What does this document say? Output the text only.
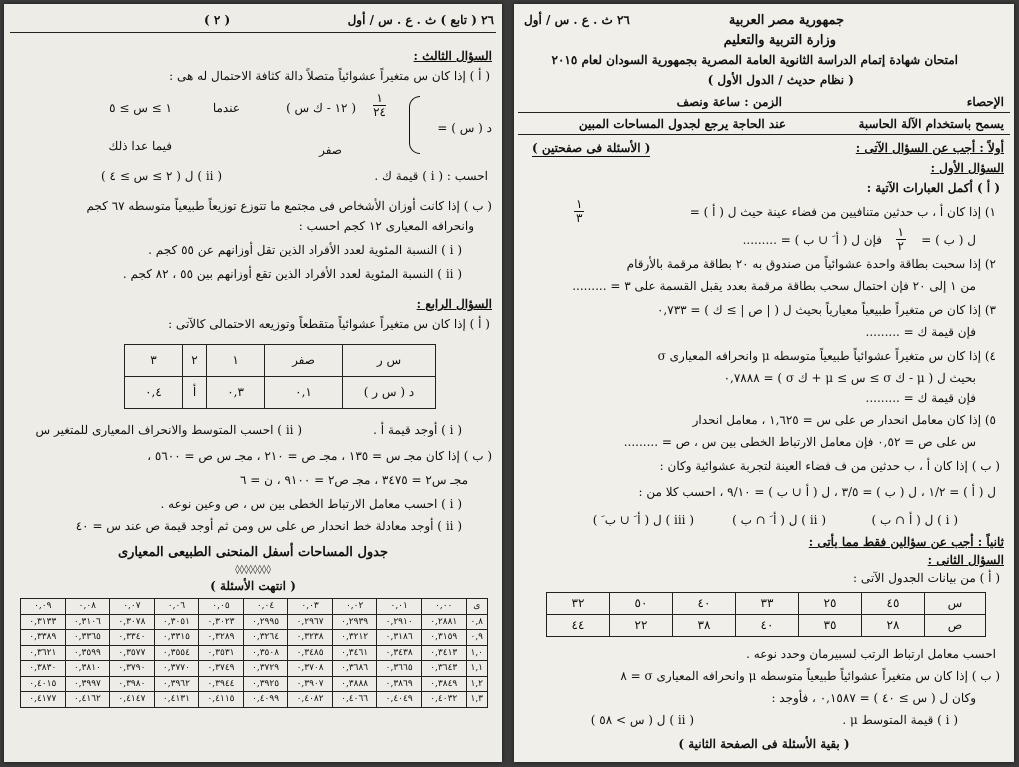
٢٦ ( تابع ) ث . ع . س / أول
( ٢ )
السؤال الثالث :
( أ ) إذا كان س متغيراً عشوائياً متصلاً دالة كثافة الاحتمال له هى :
د ( س ) =
$\frac{١}{٢٤}$
( ١٢ - ك س )
عندما
١ ≥ س ≥ ٥
صفر
فيما عدا ذلك
احسب : ( i ) قيمة ك .
( ii ) ل ( ٢ ≥ س ≥ ٤ )
( ب ) إذا كانت أوزان الأشخاص فى مجتمع ما تتوزع توزيعاً طبيعياً متوسطه ٦٧ كجم
وانحرافه المعيارى ١٢ كجم احسب :
( i ) النسبة المئوية لعدد الأفراد الذين تقل أوزانهم عن ٥٥ كجم .
( ii ) النسبة المئوية لعدد الأفراد الذين تقع أوزانهم بين ٥٥ ، ٨٢ كجم .
السؤال الرابع :
( أ ) إذا كان س متغيراً عشوائياً متقطعاً وتوزيعه الاحتمالى كالآتى :
س ر	صفر	١	٢	٣
د ( س ر )	٠,١	٠,٣	أ	٠,٤
( i ) أوجد قيمة أ .
( ii ) احسب المتوسط والانحراف المعيارى للمتغير س
( ب ) إذا كان مجـ س = ١٣٥ ، مجـ ص = ٢١٠ ، مجـ س ص = ٥٦٠٠ ،
مجـ س٢ = ٣٤٧٥ ، مجـ ص٢ = ٩١٠٠ ، ن = ٦
( i ) احسب معامل الارتباط الخطى بين س ، ص وعين نوعه .
( ii ) أوجد معادلة خط انحدار ص على س ومن ثم أوجد قيمة ص عند س = ٤٠
جدول المساحات أسفل المنحنى الطبيعى المعيارى
◊◊◊◊◊◊◊◊
( انتهت الأسئلة )
ى	٠,٠٠	٠,٠١	٠,٠٢	٠,٠٣	٠,٠٤	٠,٠٥	٠,٠٦	٠,٠٧	٠,٠٨	٠,٠٩
٠,٨	٠,٢٨٨١	٠,٢٩١٠	٠,٢٩٣٩	٠,٢٩٦٧	٠,٢٩٩٥	٠,٣٠٢٣	٠,٣٠٥١	٠,٣٠٧٨	٠,٣١٠٦	٠,٣١٣٣
٠,٩	٠,٣١٥٩	٠,٣١٨٦	٠,٣٢١٢	٠,٣٢٣٨	٠,٣٢٦٤	٠,٣٢٨٩	٠,٣٣١٥	٠,٣٣٤٠	٠,٣٣٦٥	٠,٣٣٨٩
١,٠	٠,٣٤١٣	٠,٣٤٣٨	٠,٣٤٦١	٠,٣٤٨٥	٠,٣٥٠٨	٠,٣٥٣١	٠,٣٥٥٤	٠,٣٥٧٧	٠,٣٥٩٩	٠,٣٦٢١
١,١	٠,٣٦٤٣	٠,٣٦٦٥	٠,٣٦٨٦	٠,٣٧٠٨	٠,٣٧٢٩	٠,٣٧٤٩	٠,٣٧٧٠	٠,٣٧٩٠	٠,٣٨١٠	٠,٣٨٣٠
١,٢	٠,٣٨٤٩	٠,٣٨٦٩	٠,٣٨٨٨	٠,٣٩٠٧	٠,٣٩٢٥	٠,٣٩٤٤	٠,٣٩٦٢	٠,٣٩٨٠	٠,٣٩٩٧	٠,٤٠١٥
١,٣	٠,٤٠٣٢	٠,٤٠٤٩	٠,٤٠٦٦	٠,٤٠٨٢	٠,٤٠٩٩	٠,٤١١٥	٠,٤١٣١	٠,٤١٤٧	٠,٤١٦٢	٠,٤١٧٧
٢٦ ث . ع . س / أول	جمهورية مصر العربية
وزارة التربية والتعليم
امتحان شهادة إتمام الدراسة الثانوية العامة المصرية بجمهورية السودان لعام ٢٠١٥
( نظام حديث / الدول الأول )
الإحصاء
الزمن : ساعة ونصف
يسمح باستخدام الآلة الحاسبة
عند الحاجة يرجع لجدول المساحات المبين
أولاً : أجب عن السؤال الآتى :
( الأسئلة فى صفحتين )
السؤال الأول :
( أ ) أكمل العبارات الآتية :
١) إذا كان أ ، ب حدثين متنافيين من فضاء عينة حيث ل ( أ ) =
$\frac{١}{٣}$
ل ( ب ) =
$\frac{١}{٢}$
فإن ل ( أ َ ∪ ب ) = .........
٢) إذا سحبت بطاقة واحدة عشوائياً من صندوق به ٢٠ بطاقة مرقمة بالأرقام
من ١ إلى ٢٠ فإن احتمال سحب بطاقة مرقمة بعدد يقبل القسمة على ٣ = .........
٣) إذا كان ص متغيراً طبيعياً معيارياً بحيث ل ( | ص | ≥ ك ) = ٠,٧٣٣
فإن قيمة ك = .........
٤) إذا كان س متغيراً عشوائياً طبيعياً متوسطه μ وانحرافه المعيارى σ
بحيث ل ( μ - ك σ ≥ س ≥ μ + ك σ ) = ٠,٧٨٨٨
فإن قيمة ك = .........
٥) إذا كان معامل انحدار ص على س = ١,٦٢٥ ، معامل انحدار
س على ص = ٠,٥٢ فإن معامل الارتباط الخطى بين س ، ص = .........
( ب ) إذا كان أ ، ب حدثين من ف فضاء العينة لتجربة عشوائية وكان :
ل ( أ ) = ١/٢ ، ل ( ب ) = ٣/٥ ، ل ( أ ∪ ب ) = ٩/١٠ ، احسب كلا من :
( i ) ل ( أ ∩ ب )
( ii ) ل ( أ َ ∩ ب )
( iii ) ل ( أ َ ∪ ب َ )
ثانياً : أجب عن سؤالين فقط مما يأتى :
السؤال الثانى :
( أ ) من بيانات الجدول الآتى :
س	٤٥	٢٥	٣٣	٤٠	٥٠	٣٢
ص	٢٨	٣٥	٤٠	٣٨	٢٢	٤٤
احسب معامل ارتباط الرتب لسبيرمان وحدد نوعه .
( ب ) إذا كان س متغيراً عشوائياً طبيعياً متوسطه μ وانحرافه المعيارى σ = ٨
وكان ل ( س ≥ ٤٠ ) = ٠,١٥٨٧ ، فأوجد :
( i ) قيمة المتوسط μ .
( ii ) ل ( س > ٥٨ )
( بقية الأسئلة فى الصفحة الثانية )
